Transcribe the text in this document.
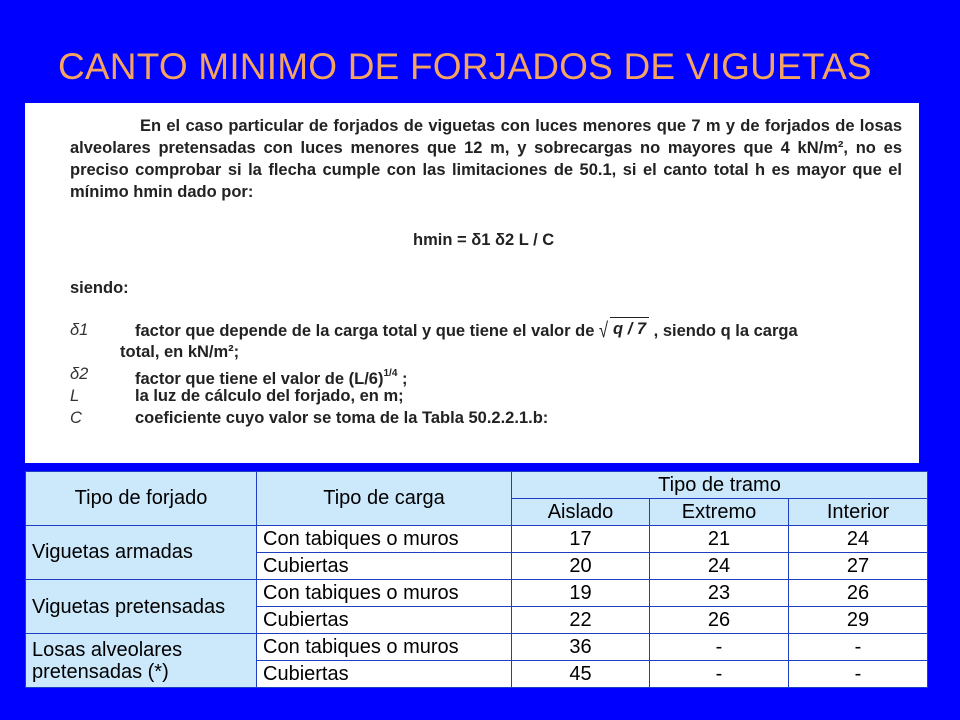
CANTO MINIMO DE FORJADOS DE VIGUETAS
En el caso particular de forjados de viguetas con luces menores que 7 m y de forjados de losas alveolares pretensadas con luces menores que 12 m, y sobrecargas no mayores que 4 kN/m², no es preciso comprobar si la flecha cumple con las limitaciones de 50.1, si el canto total h es mayor que el mínimo hmin dado por:
hmin = δ1 δ2 L / C
siendo:
δ1	factor que depende de la carga total y que tiene el valor de √ q / 7 , siendo q la carga
total, en kN/m²;
δ2	factor que tiene el valor de $(L/6)^{1/4}$ ;
L	la luz de cálculo del forjado, en m;
C	coeficiente cuyo valor se toma de la Tabla 50.2.2.1.b:
Tipo de forjado	Tipo de carga	Tipo de tramo		
		Aislado	Extremo	Interior
Viguetas armadas	Con tabiques o muros	17	21	24
	Cubiertas	20	24	27
Viguetas pretensadas	Con tabiques o muros	19	23	26
	Cubiertas	22	26	29
Losas alveolares pretensadas (*)	Con tabiques o muros	36	-	-
	Cubiertas	45	-	-
